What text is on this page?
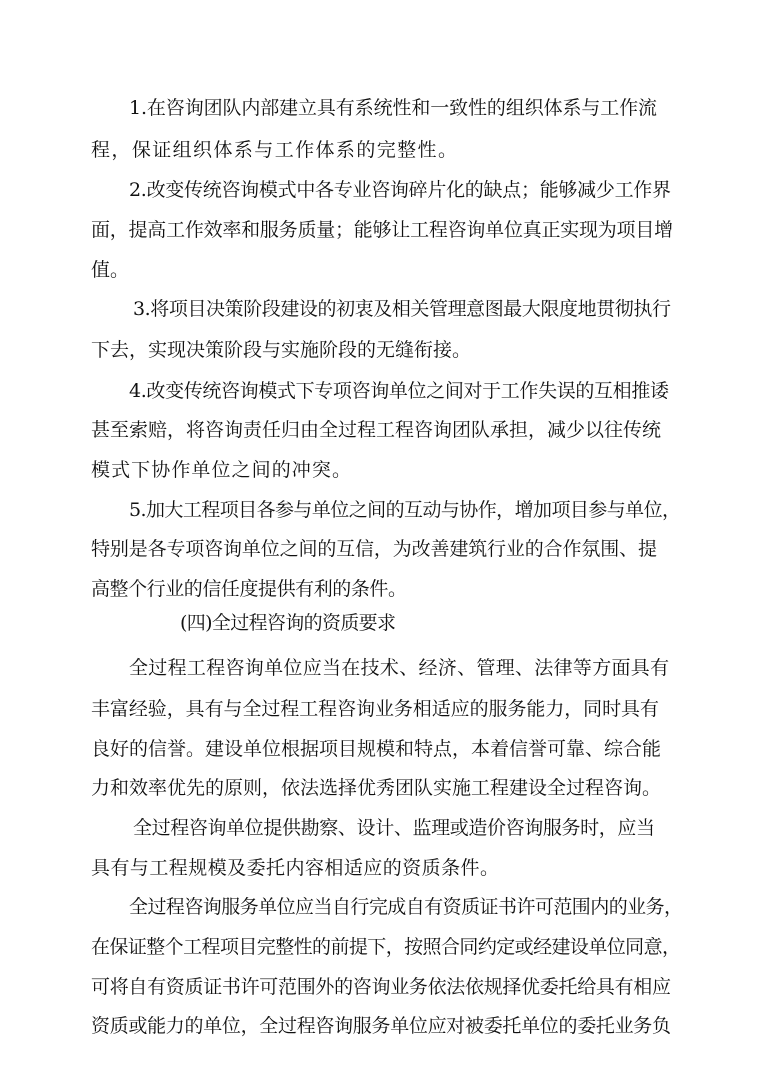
1.在咨询团队内部建立具有系统性和一致性的组织体系与工作流
程，保证组织体系与工作体系的完整性。
2.改变传统咨询模式中各专业咨询碎片化的缺点；能够减少工作界
面，提高工作效率和服务质量；能够让工程咨询单位真正实现为项目增
值。
3.将项目决策阶段建设的初衷及相关管理意图最大限度地贯彻执行
下去，实现决策阶段与实施阶段的无缝衔接。
4.改变传统咨询模式下专项咨询单位之间对于工作失误的互相推诿
甚至索赔，将咨询责任归由全过程工程咨询团队承担，减少以往传统
模式下协作单位之间的冲突。
5.加大工程项目各参与单位之间的互动与协作，增加项目参与单位，
特别是各专项咨询单位之间的互信，为改善建筑行业的合作氛围、提
高整个行业的信任度提供有利的条件。
(四)全过程咨询的资质要求
全过程工程咨询单位应当在技术、经济、管理、法律等方面具有
丰富经验，具有与全过程工程咨询业务相适应的服务能力，同时具有
良好的信誉。建设单位根据项目规模和特点，本着信誉可靠、综合能
力和效率优先的原则，依法选择优秀团队实施工程建设全过程咨询。
全过程咨询单位提供勘察、设计、监理或造价咨询服务时，应当
具有与工程规模及委托内容相适应的资质条件。
全过程咨询服务单位应当自行完成自有资质证书许可范围内的业务，
在保证整个工程项目完整性的前提下，按照合同约定或经建设单位同意，
可将自有资质证书许可范围外的咨询业务依法依规择优委托给具有相应
资质或能力的单位，全过程咨询服务单位应对被委托单位的委托业务负
